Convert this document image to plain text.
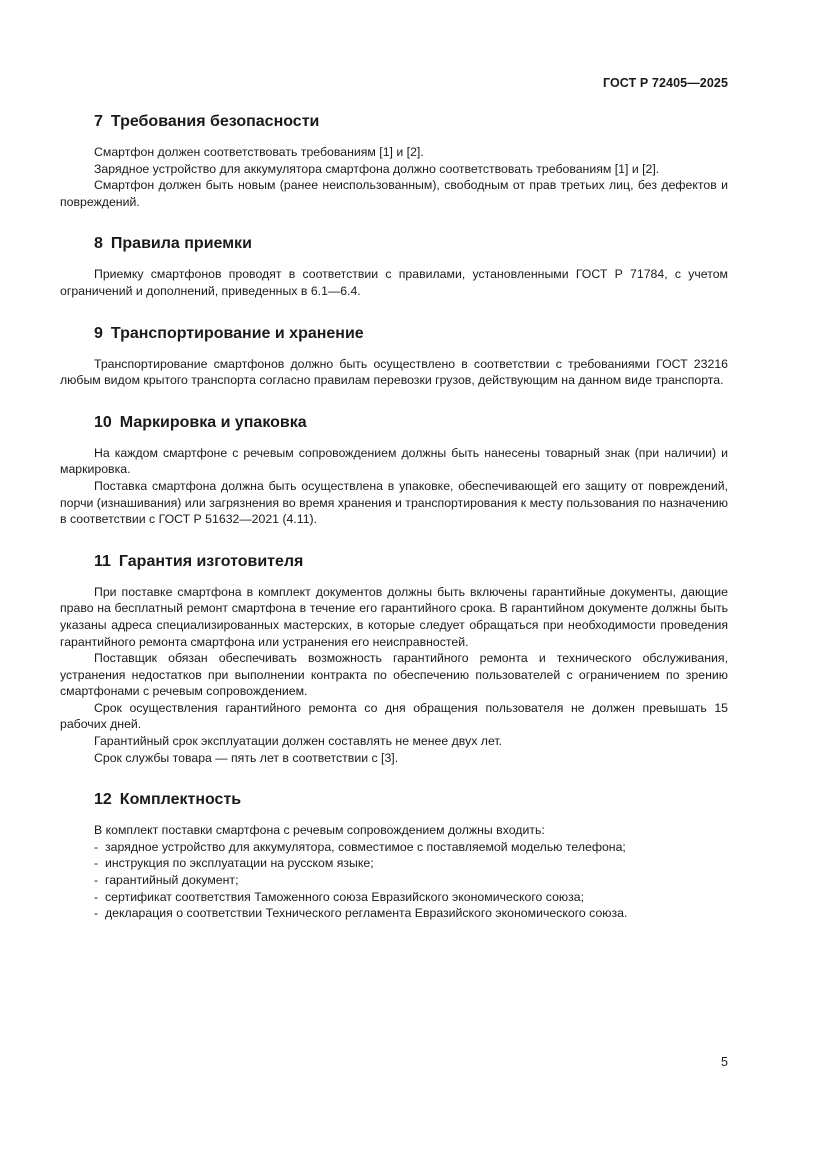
ГОСТ Р 72405—2025
7 Требования безопасности

Смартфон должен соответствовать требованиям [1] и [2].

Зарядное устройство для аккумулятора смартфона должно соответствовать требованиям [1] и [2].

Смартфон должен быть новым (ранее неиспользованным), свободным от прав третьих лиц, без дефектов и повреждений.

8 Правила приемки

Приемку смартфонов проводят в соответствии с правилами, установленными ГОСТ Р 71784, с учетом ограничений и дополнений, приведенных в 6.1—6.4.

9 Транспортирование и хранение

Транспортирование смартфонов должно быть осуществлено в соответствии с требованиями ГОСТ 23216 любым видом крытого транспорта согласно правилам перевозки грузов, действующим на данном виде транспорта.

10 Маркировка и упаковка

На каждом смартфоне с речевым сопровождением должны быть нанесены товарный знак (при наличии) и маркировка.

Поставка смартфона должна быть осуществлена в упаковке, обеспечивающей его защиту от повреждений, порчи (изнашивания) или загрязнения во время хранения и транспортирования к месту пользования по назначению в соответствии с ГОСТ Р 51632—2021 (4.11).

11 Гарантия изготовителя

При поставке смартфона в комплект документов должны быть включены гарантийные документы, дающие право на бесплатный ремонт смартфона в течение его гарантийного срока. В гарантийном документе должны быть указаны адреса специализированных мастерских, в которые следует обращаться при необходимости проведения гарантийного ремонта смартфона или устранения его неисправностей.

Поставщик обязан обеспечивать возможность гарантийного ремонта и технического обслуживания, устранения недостатков при выполнении контракта по обеспечению пользователей с ограничением по зрению смартфонами с речевым сопровождением.

Срок осуществления гарантийного ремонта со дня обращения пользователя не должен превышать 15 рабочих дней.

Гарантийный срок эксплуатации должен составлять не менее двух лет.

Срок службы товара — пять лет в соответствии с [3].

12 Комплектность

В комплект поставки смартфона с речевым сопровождением должны входить:

- зарядное устройство для аккумулятора, совместимое с поставляемой моделью телефона;
- инструкция по эксплуатации на русском языке;
- гарантийный документ;
- сертификат соответствия Таможенного союза Евразийского экономического союза;
- декларация о соответствии Технического регламента Евразийского экономического союза.
5
